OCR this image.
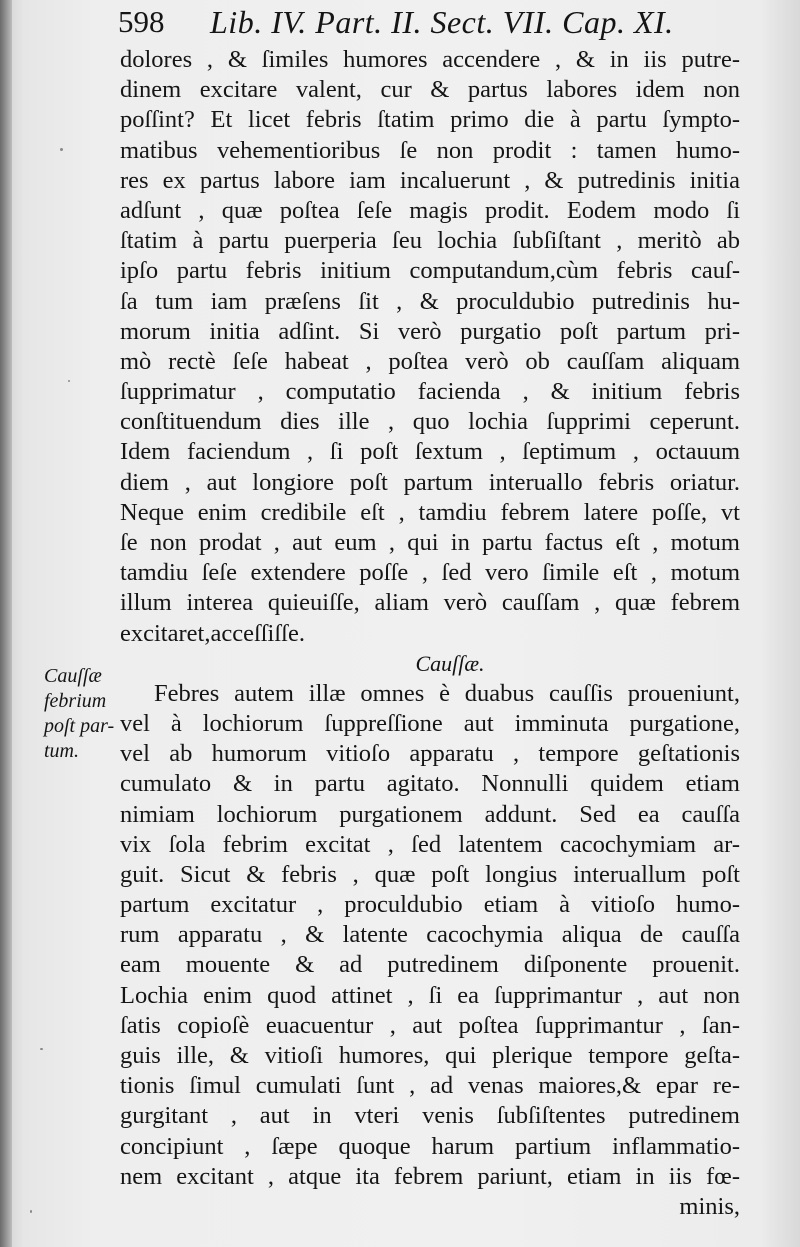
598 Lib. IV. Part. II. Sect. VII. Cap. XI.
Cauſſæ
febrium
poſt par-
tum.
dolores , & ſimiles humores accendere , & in iis putre-
dinem excitare valent, cur & partus labores idem non
poſſint? Et licet febris ſtatim primo die à partu ſympto-
matibus vehementioribus ſe non prodit : tamen humo-
res ex partus labore iam incaluerunt , & putredinis initia
adſunt , quæ poſtea ſeſe magis prodit. Eodem modo ſi
ſtatim à partu puerperia ſeu lochia ſubſiſtant , meritò ab
ipſo partu febris initium computandum,cùm febris cauſ-
ſa tum iam præſens ſit , & proculdubio putredinis hu-
morum initia adſint. Si verò purgatio poſt partum pri-
mò rectè ſeſe habeat , poſtea verò ob cauſſam aliquam
ſupprimatur , computatio facienda , & initium febris
conſtituendum dies ille , quo lochia ſupprimi ceperunt.
Idem faciendum , ſi poſt ſextum , ſeptimum , octauum
diem , aut longiore poſt partum interuallo febris oriatur.
Neque enim credibile eſt , tamdiu febrem latere poſſe, vt
ſe non prodat , aut eum , qui in partu factus eſt , motum
tamdiu ſeſe extendere poſſe , ſed vero ſimile eſt , motum
illum interea quieuiſſe, aliam verò cauſſam , quæ febrem
excitaret,acceſſiſſe.
Cauſſæ.
Febres autem illæ omnes è duabus cauſſis proueniunt,
vel à lochiorum ſuppreſſione aut imminuta purgatione,
vel ab humorum vitioſo apparatu , tempore geſtationis
cumulato & in partu agitato. Nonnulli quidem etiam
nimiam lochiorum purgationem addunt. Sed ea cauſſa
vix ſola febrim excitat , ſed latentem cacochymiam ar-
guit. Sicut & febris , quæ poſt longius interuallum poſt
partum excitatur , proculdubio etiam à vitioſo humo-
rum apparatu , & latente cacochymia aliqua de cauſſa
eam mouente & ad putredinem diſponente prouenit.
Lochia enim quod attinet , ſi ea ſupprimantur , aut non
ſatis copioſè euacuentur , aut poſtea ſupprimantur , ſan-
guis ille, & vitioſi humores, qui plerique tempore geſta-
tionis ſimul cumulati ſunt , ad venas maiores,& epar re-
gurgitant , aut in vteri venis ſubſiſtentes putredinem
concipiunt , ſæpe quoque harum partium inflammatio-
nem excitant , atque ita febrem pariunt, etiam in iis fœ-
minis,
